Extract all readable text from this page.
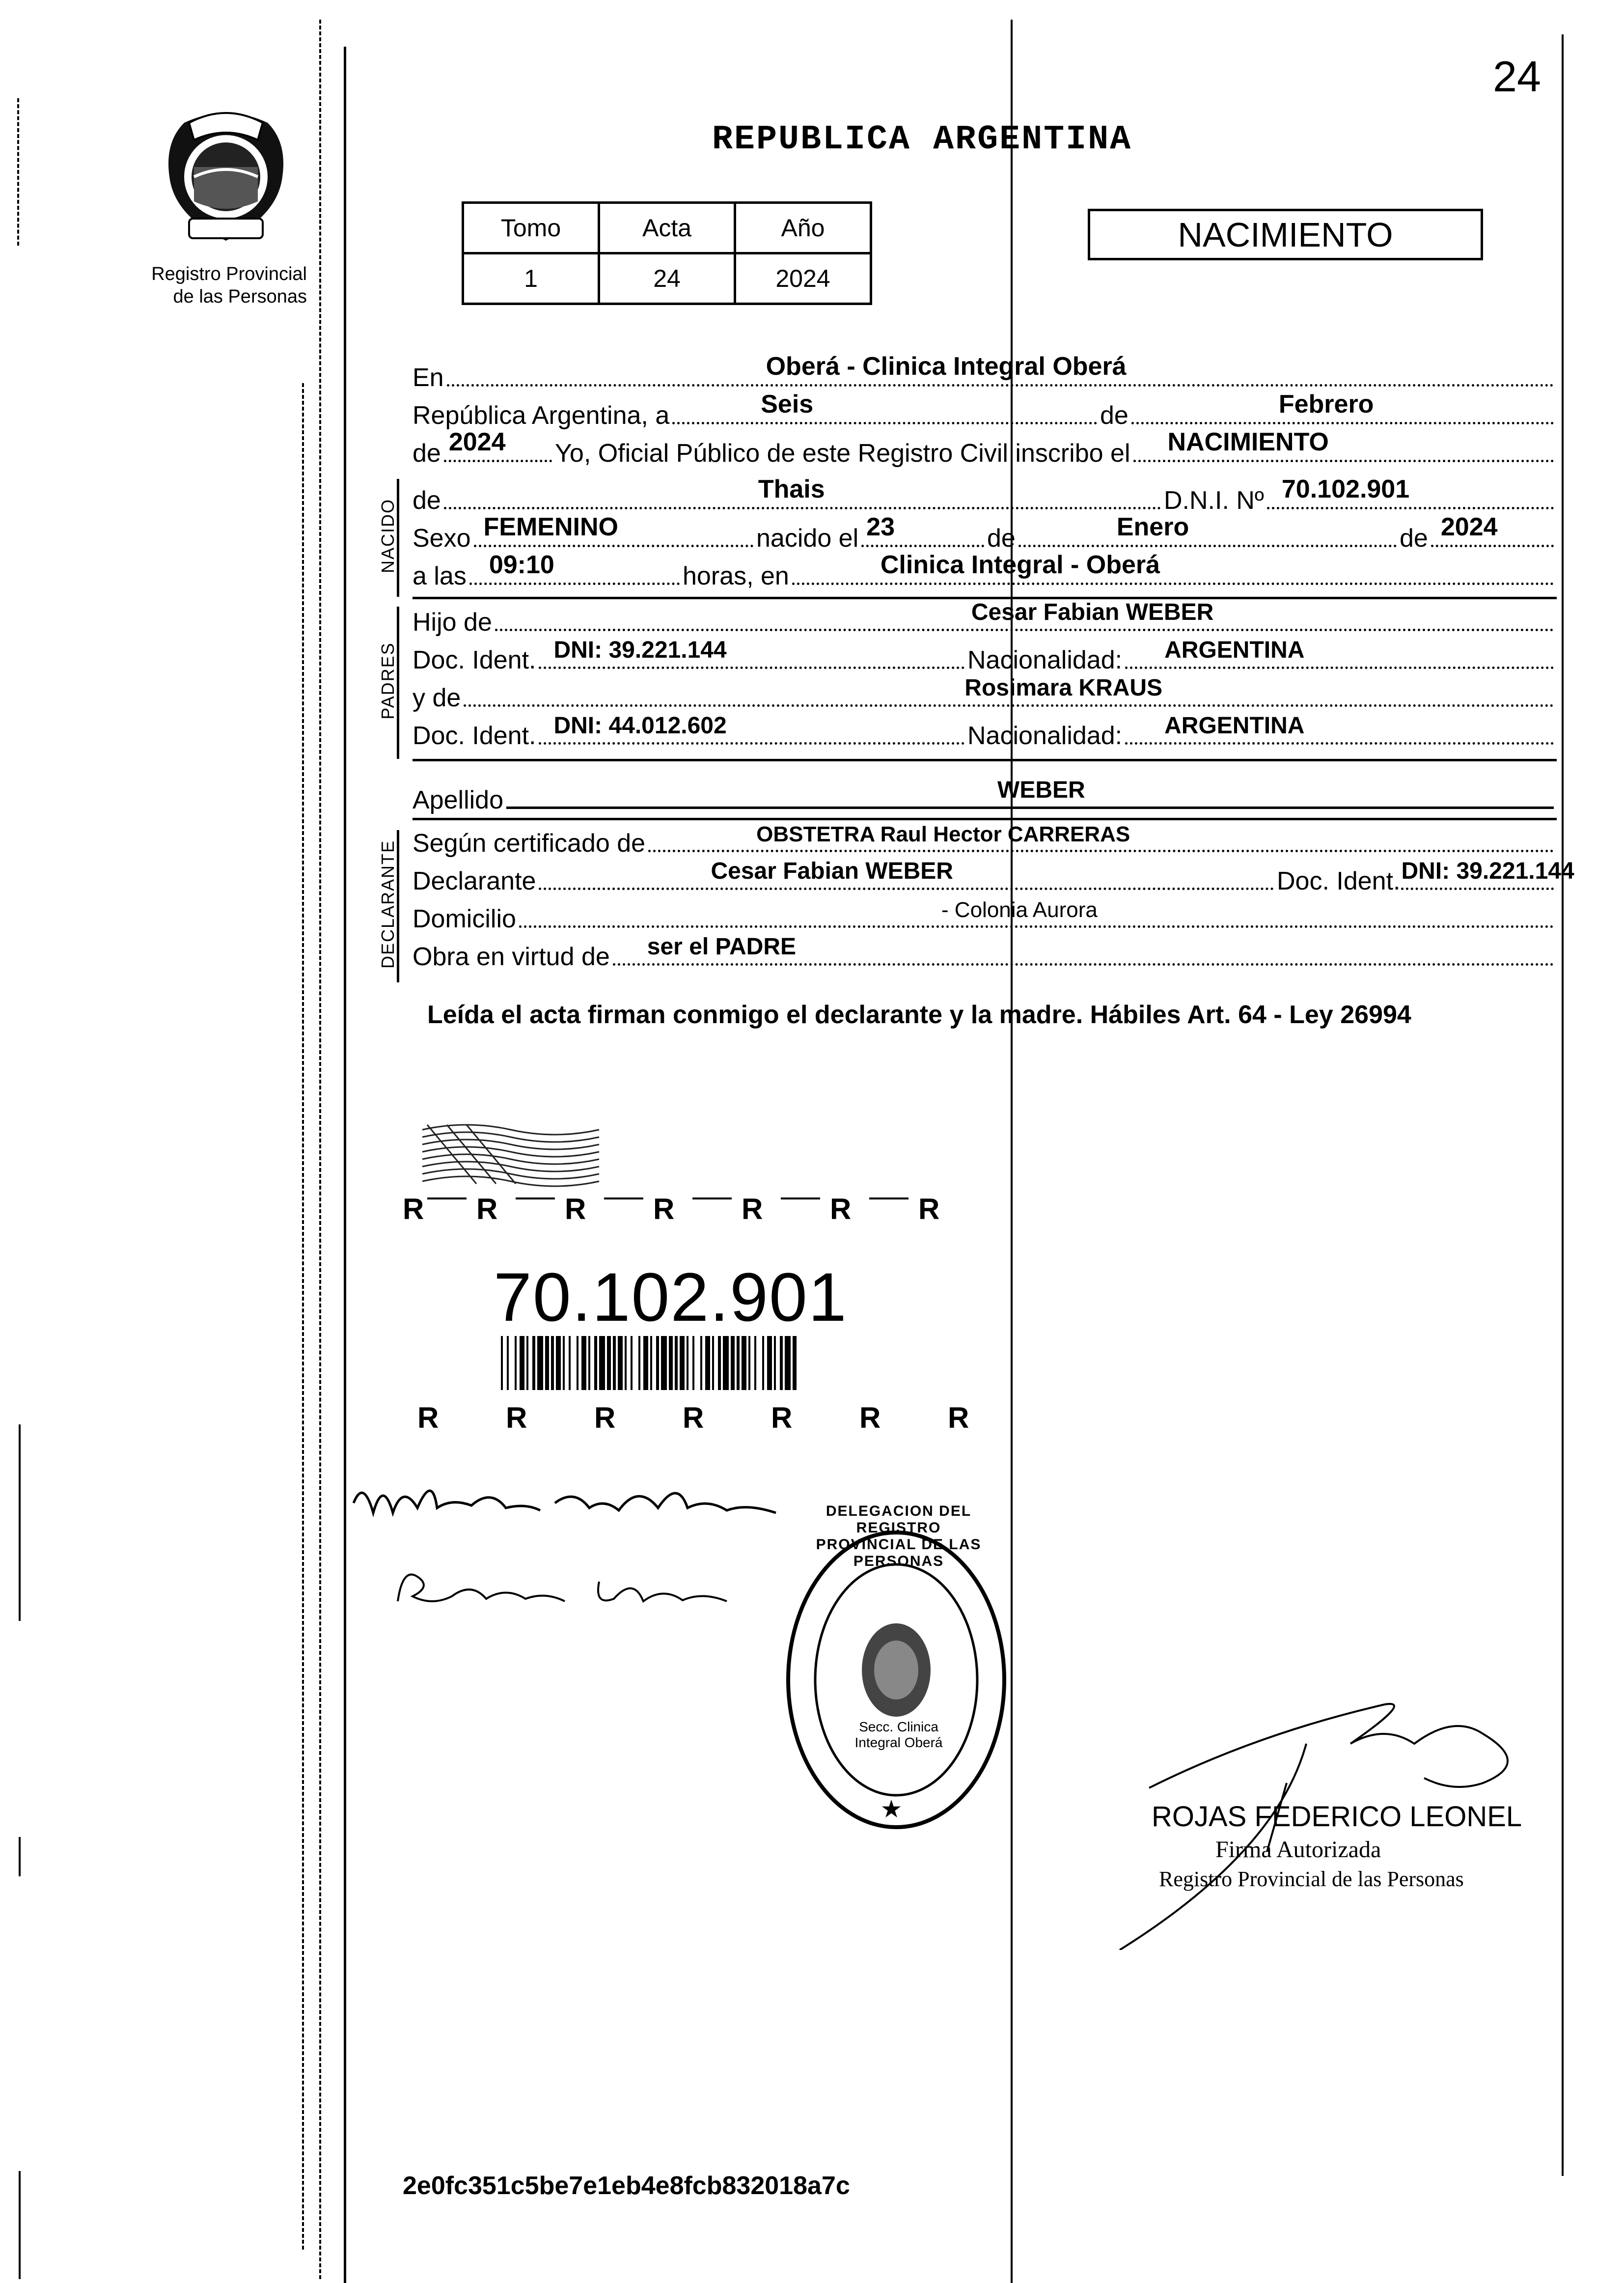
24
REPUBLICA ARGENTINA
Registro Provincial
de las Personas
Tomo	Acta	Año
1	24	2024
NACIMIENTO
En	Oberá - Clinica Integral Oberá
República Argentina, a	Seis	de	Febrero
de 2024 Yo, Oficial Público de este Registro Civil inscribo el NACIMIENTO
NACIDO de	Thais	D.N.I. Nº 70.102.901
Sexo FEMENINO	nacido el 23	de	Enero	de 2024
a las 09:10	horas, en	Clinica Integral - Oberá
PADRES
Hijo de	Cesar Fabian WEBER
Doc. Ident. DNI: 39.221.144	Nacionalidad: ARGENTINA
y de	Rosimara KRAUS
Doc. Ident. DNI: 44.012.602	Nacionalidad: ARGENTINA
Apellido	WEBER
DECLARANTE Según certificado de	OBSTETRA Raul Hector CARRERAS
Declarante	Cesar Fabian WEBER	Doc. Ident. DNI: 39.221.144
Domicilio	- Colonia Aurora
Obra en virtud de ser el PADRE
Leída el acta firman conmigo el declarante y la madre. Hábiles Art. 64 - Ley 26994
R R R R R R R
70.102.901
R R R R R R R
★
DELEGACION DEL REGISTRO PROVINCIAL DE LAS PERSONAS
Secc. Clinica Integral Oberá
ROJAS FEDERICO LEONEL
Firma Autorizada
Registro Provincial de las Personas
2e0fc351c5be7e1eb4e8fcb832018a7c
